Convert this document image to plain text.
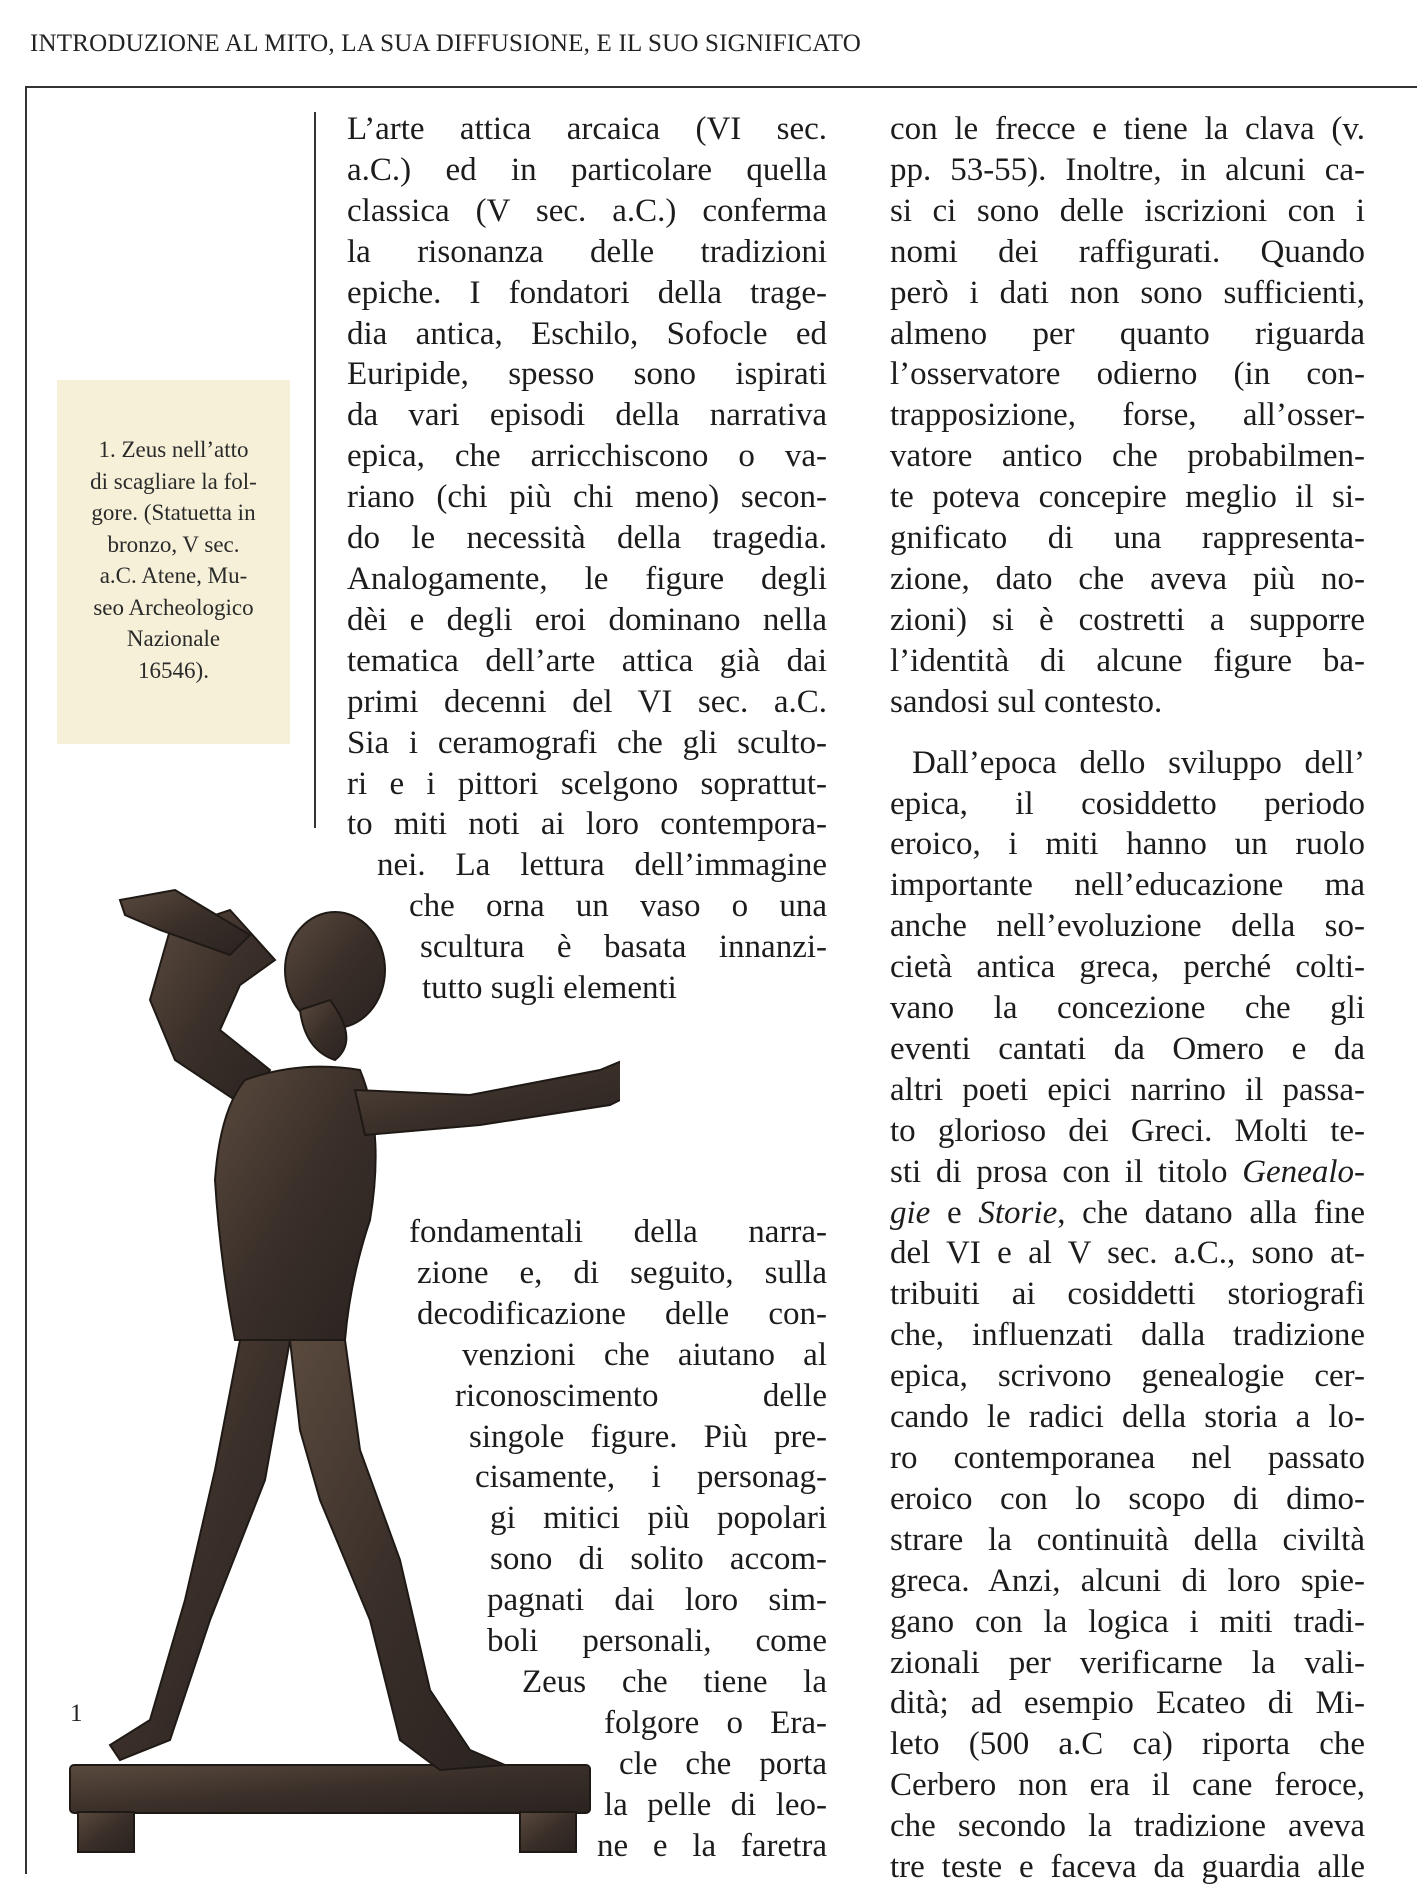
INTRODUZIONE AL MITO, LA SUA DIFFUSIONE, E IL SUO SIGNIFICATO
1. Zeus nell’atto
di scagliare la fol-
gore. (Statuetta in
bronzo, V sec.
a.C. Atene, Mu-
seo Archeologico
Nazionale
16546).
1
L’arte attica arcaica (VI sec.
a.C.) ed in particolare quella
classica (V sec. a.C.) conferma
la risonanza delle tradizioni
epiche. I fondatori della trage-
dia antica, Eschilo, Sofocle ed
Euripide, spesso sono ispirati
da vari episodi della narrativa
epica, che arricchiscono o va-
riano (chi più chi meno) secon-
do le necessità della tragedia.
Analogamente, le figure degli
dèi e degli eroi dominano nella
tematica dell’arte attica già dai
primi decenni del VI sec. a.C.
Sia i ceramografi che gli sculto-
ri e i pittori scelgono soprattut-
to miti noti ai loro contempora-
nei. La lettura dell’immagine
che orna un vaso o una
scultura è basata innanzi-
tutto sugli elementi
fondamentali della narra-
zione e, di seguito, sulla
decodificazione delle con-
venzioni che aiutano al
riconoscimento delle
singole figure. Più pre-
cisamente, i personag-
gi mitici più popolari
sono di solito accom-
pagnati dai loro sim-
boli personali, come
Zeus che tiene la
folgore o Era-
cle che porta
la pelle di leo-
ne e la faretra
con le frecce e tiene la clava (v.
pp. 53-55). Inoltre, in alcuni ca-
si ci sono delle iscrizioni con i
nomi dei raffigurati. Quando
però i dati non sono sufficienti,
almeno per quanto riguarda
l’osservatore odierno (in con-
trapposizione, forse, all’osser-
vatore antico che probabilmen-
te poteva concepire meglio il si-
gnificato di una rappresenta-
zione, dato che aveva più no-
zioni) si è costretti a supporre
l’identità di alcune figure ba-
sandosi sul contesto.
Dall’epoca dello sviluppo dell’
epica, il cosiddetto periodo
eroico, i miti hanno un ruolo
importante nell’educazione ma
anche nell’evoluzione della so-
cietà antica greca, perché colti-
vano la concezione che gli
eventi cantati da Omero e da
altri poeti epici narrino il passa-
to glorioso dei Greci. Molti te-
sti di prosa con il titolo Genealo-
gie e Storie, che datano alla fine
del VI e al V sec. a.C., sono at-
tribuiti ai cosiddetti storiografi
che, influenzati dalla tradizione
epica, scrivono genealogie cer-
cando le radici della storia a lo-
ro contemporanea nel passato
eroico con lo scopo di dimo-
strare la continuità della civiltà
greca. Anzi, alcuni di loro spie-
gano con la logica i miti tradi-
zionali per verificarne la vali-
dità; ad esempio Ecateo di Mi-
leto (500 a.C ca) riporta che
Cerbero non era il cane feroce,
che secondo la tradizione aveva
tre teste e faceva da guardia alle
